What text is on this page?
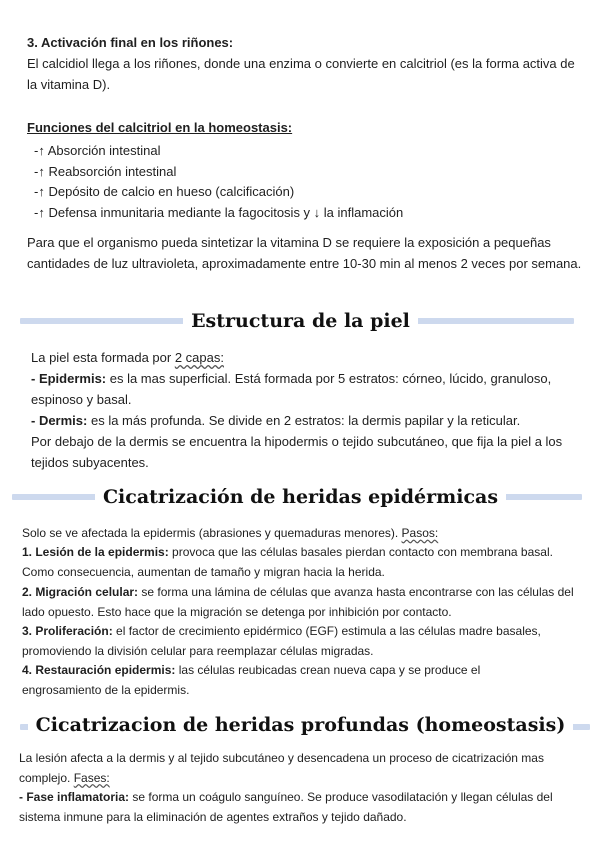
3. Activación final en los riñones:

El calcidiol llega a los riñones, donde una enzima o convierte en calcitriol (es la forma activa de la vitamina D).

Funciones del calcitriol en la homeostasis:

-↑ Absorción intestinal
-↑ Reabsorción intestinal
-↑ Depósito de calcio en hueso (calcificación)
-↑ Defensa inmunitaria mediante la fagocitosis y ↓ la inflamación

Para que el organismo pueda sintetizar la vitamina D se requiere la exposición a pequeñas cantidades de luz ultravioleta, aproximadamente entre 10-30 min al menos 2 veces por semana.

Estructura de la piel

La piel esta formada por 2 capas:

- Epidermis: es la mas superficial. Está formada por 5 estratos: córneo, lúcido, granuloso, espinoso y basal.

- Dermis: es la más profunda. Se divide en 2 estratos: la dermis papilar y la reticular.

Por debajo de la dermis se encuentra la hipodermis o tejido subcutáneo, que fija la piel a los tejidos subyacentes.

Cicatrización de heridas epidérmicas

Solo se ve afectada la epidermis (abrasiones y quemaduras menores). Pasos:

1. Lesión de la epidermis: provoca que las células basales pierdan contacto con membrana basal. Como consecuencia, aumentan de tamaño y migran hacia la herida.

2. Migración celular: se forma una lámina de células que avanza hasta encontrarse con las células del lado opuesto. Esto hace que la migración se detenga por inhibición por contacto.

3. Proliferación: el factor de crecimiento epidérmico (EGF) estimula a las células madre basales, promoviendo la división celular para reemplazar células migradas.

4. Restauración epidermis: las células reubicadas crean nueva capa y se produce el engrosamiento de la epidermis.

Cicatrizacion de heridas profundas (homeostasis)

La lesión afecta a la dermis y al tejido subcutáneo y desencadena un proceso de cicatrización mas complejo. Fases:

- Fase inflamatoria: se forma un coágulo sanguíneo. Se produce vasodilatación y llegan células del sistema inmune para la eliminación de agentes extraños y tejido dañado.
